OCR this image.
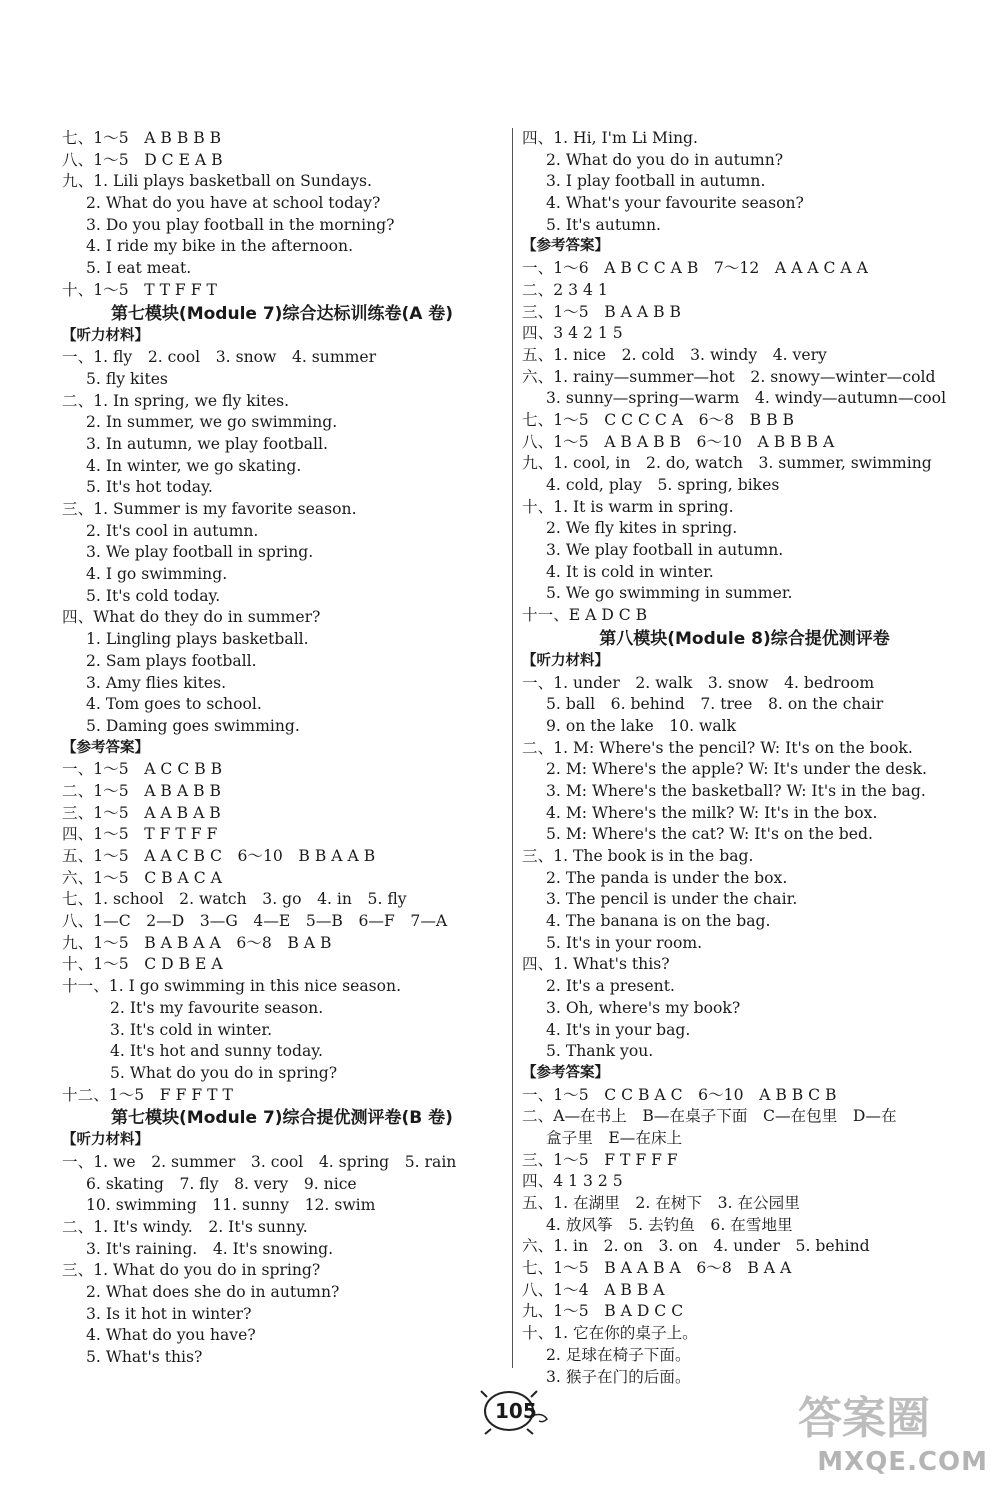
七、1～5　A B B B B
八、1～5　D C E A B
九、1. Lili plays basketball on Sundays.
2. What do you have at school today?
3. Do you play football in the morning?
4. I ride my bike in the afternoon.
5. I eat meat.
十、1～5　T T F F T
第七模块(Module 7)综合达标训练卷(A 卷)
【听力材料】
一、1. fly　2. cool　3. snow　4. summer
5. fly kites
二、1. In spring, we fly kites.
2. In summer, we go swimming.
3. In autumn, we play football.
4. In winter, we go skating.
5. It's hot today.
三、1. Summer is my favorite season.
2. It's cool in autumn.
3. We play football in spring.
4. I go swimming.
5. It's cold today.
四、What do they do in summer?
1. Lingling plays basketball.
2. Sam plays football.
3. Amy flies kites.
4. Tom goes to school.
5. Daming goes swimming.
【参考答案】
一、1～5　A C C B B
二、1～5　A B A B B
三、1～5　A A B A B
四、1～5　T F T F F
五、1～5　A A C B C　6～10　B B A A B
六、1～5　C B A C A
七、1. school　2. watch　3. go　4. in　5. fly
八、1—C　2—D　3—G　4—E　5—B　6—F　7—A
九、1～5　B A B A A　6～8　B A B
十、1～5　C D B E A
十一、1. I go swimming in this nice season.
2. It's my favourite season.
3. It's cold in winter.
4. It's hot and sunny today.
5. What do you do in spring?
十二、1～5　F F F T T
第七模块(Module 7)综合提优测评卷(B 卷)
【听力材料】
一、1. we　2. summer　3. cool　4. spring　5. rain
6. skating　7. fly　8. very　9. nice
10. swimming　11. sunny　12. swim
二、1. It's windy.　2. It's sunny.
3. It's raining.　4. It's snowing.
三、1. What do you do in spring?
2. What does she do in autumn?
3. Is it hot in winter?
4. What do you have?
5. What's this?
四、1. Hi, I'm Li Ming.
2. What do you do in autumn?
3. I play football in autumn.
4. What's your favourite season?
5. It's autumn.
【参考答案】
一、1～6　A B C C A B　7～12　A A A C A A
二、2 3 4 1
三、1～5　B A A B B
四、3 4 2 1 5
五、1. nice　2. cold　3. windy　4. very
六、1. rainy—summer—hot　2. snowy—winter—cold
3. sunny—spring—warm　4. windy—autumn—cool
七、1～5　C C C C A　6～8　B B B
八、1～5　A B A B B　6～10　A B B B A
九、1. cool, in　2. do, watch　3. summer, swimming
4. cold, play　5. spring, bikes
十、1. It is warm in spring.
2. We fly kites in spring.
3. We play football in autumn.
4. It is cold in winter.
5. We go swimming in summer.
十一、E A D C B
第八模块(Module 8)综合提优测评卷
【听力材料】
一、1. under　2. walk　3. snow　4. bedroom
5. ball　6. behind　7. tree　8. on the chair
9. on the lake　10. walk
二、1. M: Where's the pencil? W: It's on the book.
2. M: Where's the apple? W: It's under the desk.
3. M: Where's the basketball? W: It's in the bag.
4. M: Where's the milk? W: It's in the box.
5. M: Where's the cat? W: It's on the bed.
三、1. The book is in the bag.
2. The panda is under the box.
3. The pencil is under the chair.
4. The banana is on the bag.
5. It's in your room.
四、1. What's this?
2. It's a present.
3. Oh, where's my book?
4. It's in your bag.
5. Thank you.
【参考答案】
一、1～5　C C B A C　6～10　A B B C B
二、A—在书上　B—在桌子下面　C—在包里　D—在
盒子里　E—在床上
三、1～5　F T F F F
四、4 1 3 2 5
五、1. 在湖里　2. 在树下　3. 在公园里
4. 放风筝　5. 去钓鱼　6. 在雪地里
六、1. in　2. on　3. on　4. under　5. behind
七、1～5　B A A B A　6～8　B A A
八、1～4　A B B A
九、1～5　B A D C C
十、1. 它在你的桌子上。
2. 足球在椅子下面。
3. 猴子在门的后面。
105	答案圈
MXQE.COM
